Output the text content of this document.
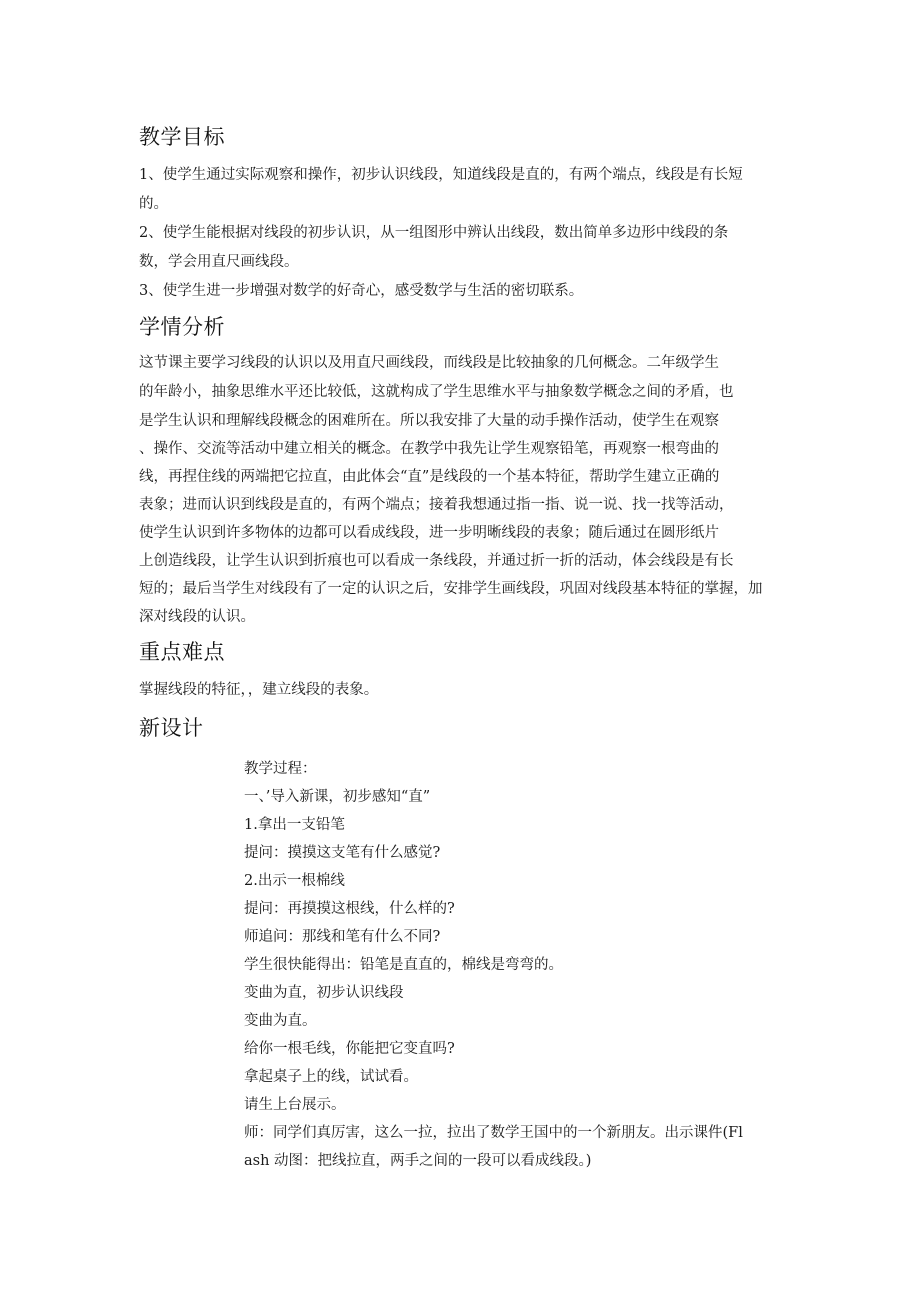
教学目标
1、使学生通过实际观察和操作，初步认识线段，知道线段是直的，有两个端点，线段是有长短
的。
2、使学生能根据对线段的初步认识，从一组图形中辨认出线段，数出简单多边形中线段的条
数，学会用直尺画线段。
3、使学生进一步增强对数学的好奇心，感受数学与生活的密切联系。
学情分析
这节课主要学习线段的认识以及用直尺画线段，而线段是比较抽象的几何概念。二年级学生
的年龄小，抽象思维水平还比较低，这就构成了学生思维水平与抽象数学概念之间的矛盾，也
是学生认识和理解线段概念的困难所在。所以我安排了大量的动手操作活动，使学生在观察
、操作、交流等活动中建立相关的概念。在教学中我先让学生观察铅笔，再观察一根弯曲的
线，再捏住线的两端把它拉直，由此体会“直”是线段的一个基本特征，帮助学生建立正确的
表象；进而认识到线段是直的，有两个端点；接着我想通过指一指、说一说、找一找等活动，
使学生认识到许多物体的边都可以看成线段，进一步明晰线段的表象；随后通过在圆形纸片
上创造线段，让学生认识到折痕也可以看成一条线段，并通过折一折的活动，体会线段是有长
短的；最后当学生对线段有了一定的认识之后，安排学生画线段，巩固对线段基本特征的掌握，加
深对线段的认识。
重点难点
掌握线段的特征，，建立线段的表象。
新设计
教学过程：
一、’导入新课，初步感知“直”
1.拿出一支铅笔
提问：摸摸这支笔有什么感觉?
2.出示一根棉线
提问：再摸摸这根线，什么样的?
师追问：那线和笔有什么不同?
学生很快能得出：铅笔是直直的，棉线是弯弯的。
变曲为直，初步认识线段
变曲为直。
给你一根毛线，你能把它变直吗?
拿起桌子上的线，试试看。
请生上台展示。
师：同学们真厉害，这么一拉，拉出了数学王国中的一个新朋友。出示课件(Fl
ash 动图：把线拉直，两手之间的一段可以看成线段。)
